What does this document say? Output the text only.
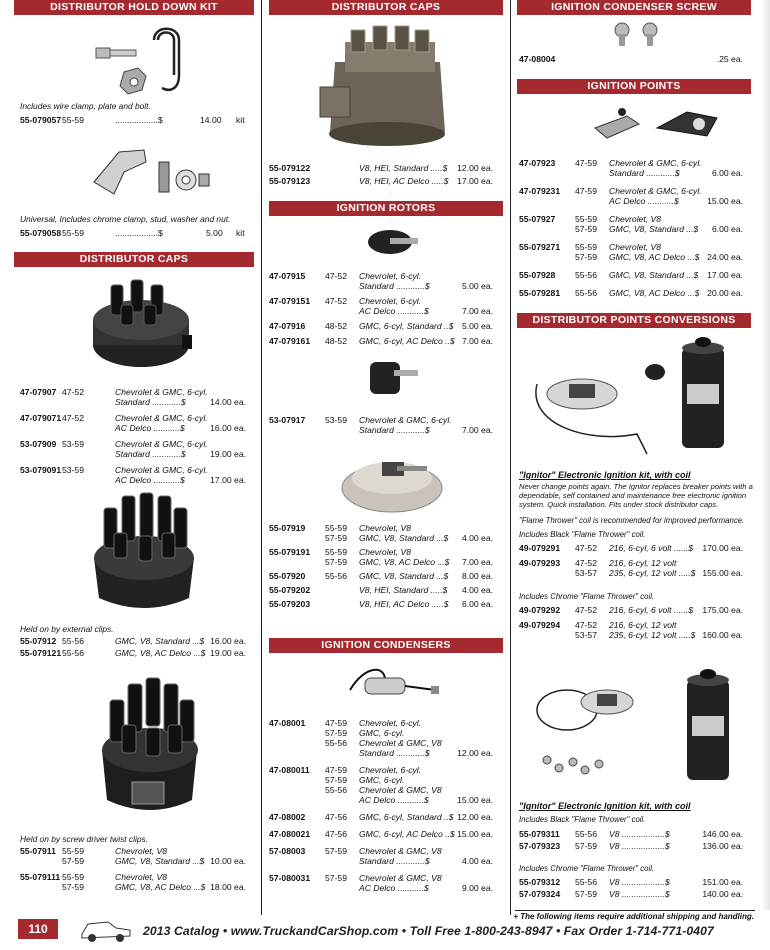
DISTRIBUTOR HOLD DOWN KIT
Includes wire clamp, plate and bolt.
55-079057 55-59	..................$	14.00 kit
Universal, Includes chrome clamp, stud, washer and nut.
55-079058 55-59	..................$	5.00 kit
DISTRIBUTOR CAPS
47-07907 47-52	Chevrolet & GMC, 6-cyl.
Standard ............$	14.00 ea.
47-079071 47-52	Chevrolet & GMC, 6-cyl.
AC Delco ...........$	16.00 ea.
53-07909 53-59	Chevrolet & GMC, 6-cyl.
Standard ............$	19.00 ea.
53-079091 53-59	Chevrolet & GMC, 6-cyl.
AC Delco ...........$	17.00 ea.
Held on by external clips.
55-07912 55-56	GMC, V8, Standard ...$ 16.00 ea.
55-079121 55-56	GMC, V8, AC Delco ...$ 19.00 ea.
Held on by screw driver twist clips.
55-07911 55-59	Chevrolet, V8
57-59	GMC, V8, Standard ...$ 10.00 ea.
55-079111 55-59	Chevrolet, V8
57-59	GMC, V8, AC Delco ...$ 18.00 ea.
DISTRIBUTOR CAPS
55-079122	V8, HEI, Standard .....$ 12.00 ea.
55-079123	V8, HEI, AC Delco .....$ 17.00 ea.
IGNITION ROTORS
47-07915 47-52 Chevrolet, 6-cyl.
Standard ............$	5.00 ea.
47-079151 47-52 Chevrolet, 6-cyl.
AC Delco ...........$	7.00 ea.
47-07916 48-52 GMC, 6-cyl, Standard ..$ 5.00 ea.
47-079161 48-52 GMC, 6-cyl, AC Delco ..$ 7.00 ea.
53-07917 53-59 Chevrolet & GMC, 6-cyl.
Standard ............$	7.00 ea.
55-07919 55-59 Chevrolet, V8
57-59 GMC, V8, Standard ...$ 4.00 ea.
55-079191 55-59 Chevrolet, V8
57-59 GMC, V8, AC Delco ...$ 7.00 ea.
55-07920 55-56 GMC, V8, Standard ...$ 8.00 ea.
55-079202	V8, HEI, Standard .....$ 4.00 ea.
55-079203	V8, HEI, AC Delco .....$ 6.00 ea.
IGNITION CONDENSERS
47-08001 47-59 Chevrolet, 6-cyl.
57-59 GMC, 6-cyl.
55-56 Chevrolet & GMC, V8
Standard ............$	12.00 ea.
47-080011 47-59 Chevrolet, 6-cyl.
57-59 GMC, 6-cyl.
55-56 Chevrolet & GMC, V8
AC Delco ...........$	15.00 ea.
47-08002 47-56 GMC, 6-cyl, Standard ..$ 12.00 ea.
47-080021 47-56 GMC, 6-cyl, AC Delco ..$ 15.00 ea.
57-08003 57-59 Chevrolet & GMC, V8
Standard ............$	4.00 ea.
57-080031 57-59 Chevrolet & GMC, V8
AC Delco ...........$	9.00 ea.
IGNITION CONDENSER SCREW
47-08004	.25 ea.
IGNITION POINTS
47-07923 47-59 Chevrolet & GMC, 6-cyl.
Standard ............$	6.00 ea.
47-079231 47-59 Chevrolet & GMC, 6-cyl.
AC Delco ...........$	15.00 ea.
55-07927 55-59 Chevrolet, V8
57-59 GMC, V8, Standard ...$ 6.00 ea.
55-079271 55-59 Chevrolet, V8
57-59 GMC, V8, AC Delco ...$ 24.00 ea.
55-07928 55-56 GMC, V8, Standard ...$ 17.00 ea.
55-079281 55-56 GMC, V8, AC Delco ...$ 20.00 ea.
DISTRIBUTOR POINTS CONVERSIONS
"Ignitor" Electronic Ignition kit, with coil
Never change points again. The Ignitor replaces breaker points with a
dependable, self contained and maintenance free electronic ignition
system. Quick installation. Fits under stock distributor caps.
"Flame Thrower" coil is recommended for improved performance.
Includes Black "Flame Thrower" coil.
49-079291 47-52 216, 6-cyl, 6 volt ......$ 170.00 ea.
49-079293 47-52 216, 6-cyl, 12 volt
53-57 235, 6-cyl, 12 volt .....$ 155.00 ea.
Includes Chrome "Flame Thrower" coil.
49-079292 47-52 216, 6-cyl, 6 volt ......$ 175.00 ea.
49-079294 47-52 216, 6-cyl, 12 volt
53-57 235, 6-cyl, 12 volt .....$ 160.00 ea.
"Ignitor" Electronic Ignition kit, with coil
Includes Black "Flame Thrower" coil.
55-079311 55-56 V8 ..................$	146.00 ea.
57-079323 57-59 V8 ..................$	136.00 ea.
Includes Chrome "Flame Thrower" coil.
55-079312 55-56 V8 ..................$	151.00 ea.
57-079324 57-59 V8 ..................$	140.00 ea.
+ The following items require additional shipping and handling.
110	2013 Catalog • www.TruckandCarShop.com • Toll Free 1-800-243-8947 • Fax Order 1-714-771-0407
